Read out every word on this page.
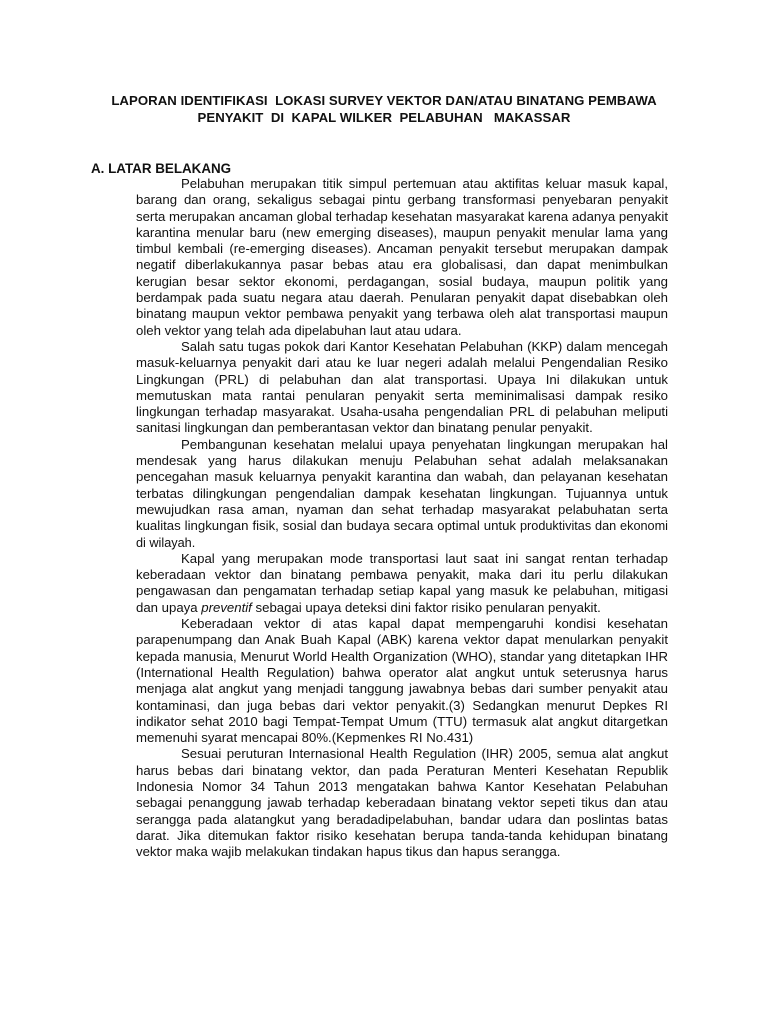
LAPORAN IDENTIFIKASI  LOKASI SURVEY VEKTOR DAN/ATAU BINATANG PEMBAWA
PENYAKIT  DI  KAPAL WILKER  PELABUHAN   MAKASSAR
A. LATAR BELAKANG

Pelabuhan merupakan titik simpul pertemuan atau aktifitas keluar masuk kapal, barang dan orang, sekaligus sebagai pintu gerbang transformasi penyebaran penyakit serta merupakan ancaman global terhadap kesehatan masyarakat karena adanya penyakit karantina menular baru (new emerging diseases), maupun penyakit menular lama yang timbul kembali (re-emerging diseases). Ancaman penyakit tersebut merupakan dampak negatif diberlakukannya pasar bebas atau era globalisasi, dan dapat menimbulkan kerugian besar sektor ekonomi, perdagangan, sosial budaya, maupun politik yang berdampak pada suatu negara atau daerah. Penularan penyakit dapat disebabkan oleh binatang maupun vektor pembawa penyakit yang terbawa oleh alat transportasi maupun oleh vektor yang telah ada dipelabuhan laut atau udara.

Salah satu tugas pokok dari Kantor Kesehatan Pelabuhan (KKP) dalam mencegah masuk-keluarnya penyakit dari atau ke luar negeri adalah melalui Pengendalian Resiko Lingkungan (PRL) di pelabuhan dan alat transportasi. Upaya Ini dilakukan untuk memutuskan mata rantai penularan penyakit serta meminimalisasi dampak resiko lingkungan terhadap masyarakat. Usaha-usaha pengendalian PRL di pelabuhan meliputi sanitasi lingkungan dan pemberantasan vektor dan binatang penular penyakit.

Pembangunan kesehatan melalui upaya penyehatan lingkungan merupakan hal mendesak yang harus dilakukan menuju Pelabuhan sehat adalah melaksanakan pencegahan masuk keluarnya penyakit karantina dan wabah, dan pelayanan kesehatan terbatas dilingkungan pengendalian dampak kesehatan lingkungan. Tujuannya untuk mewujudkan rasa aman, nyaman dan sehat terhadap masyarakat pelabuhatan serta kualitas lingkungan fisik, sosial dan budaya secara optimal untuk produktivitas dan ekonomi di wilayah.

Kapal yang merupakan mode transportasi laut saat ini sangat rentan terhadap keberadaan vektor dan binatang pembawa penyakit, maka dari itu perlu dilakukan pengawasan dan pengamatan terhadap setiap kapal yang masuk ke pelabuhan, mitigasi dan upaya preventif sebagai upaya deteksi dini faktor risiko penularan penyakit.

Keberadaan vektor di atas kapal dapat mempengaruhi kondisi kesehatan parapenumpang dan Anak Buah Kapal (ABK) karena vektor dapat menularkan penyakit kepada manusia, Menurut World Health Organization (WHO), standar yang ditetapkan IHR (International Health Regulation) bahwa operator alat angkut untuk seterusnya harus menjaga alat angkut yang menjadi tanggung jawabnya bebas dari sumber penyakit atau kontaminasi, dan juga bebas dari vektor penyakit.(3) Sedangkan menurut Depkes RI indikator sehat 2010 bagi Tempat-Tempat Umum (TTU) termasuk alat angkut ditargetkan memenuhi syarat mencapai 80%.(Kepmenkes RI No.431)

Sesuai peruturan Internasional Health Regulation (IHR) 2005, semua alat angkut harus bebas dari binatang vektor, dan pada Peraturan Menteri Kesehatan Republik Indonesia Nomor 34 Tahun 2013 mengatakan bahwa Kantor Kesehatan Pelabuhan sebagai penanggung jawab terhadap keberadaan binatang vektor sepeti tikus dan atau serangga pada alatangkut yang beradadipelabuhan, bandar udara dan poslintas batas darat. Jika ditemukan faktor risiko kesehatan berupa tanda-tanda kehidupan binatang vektor maka wajib melakukan tindakan hapus tikus dan hapus serangga.
